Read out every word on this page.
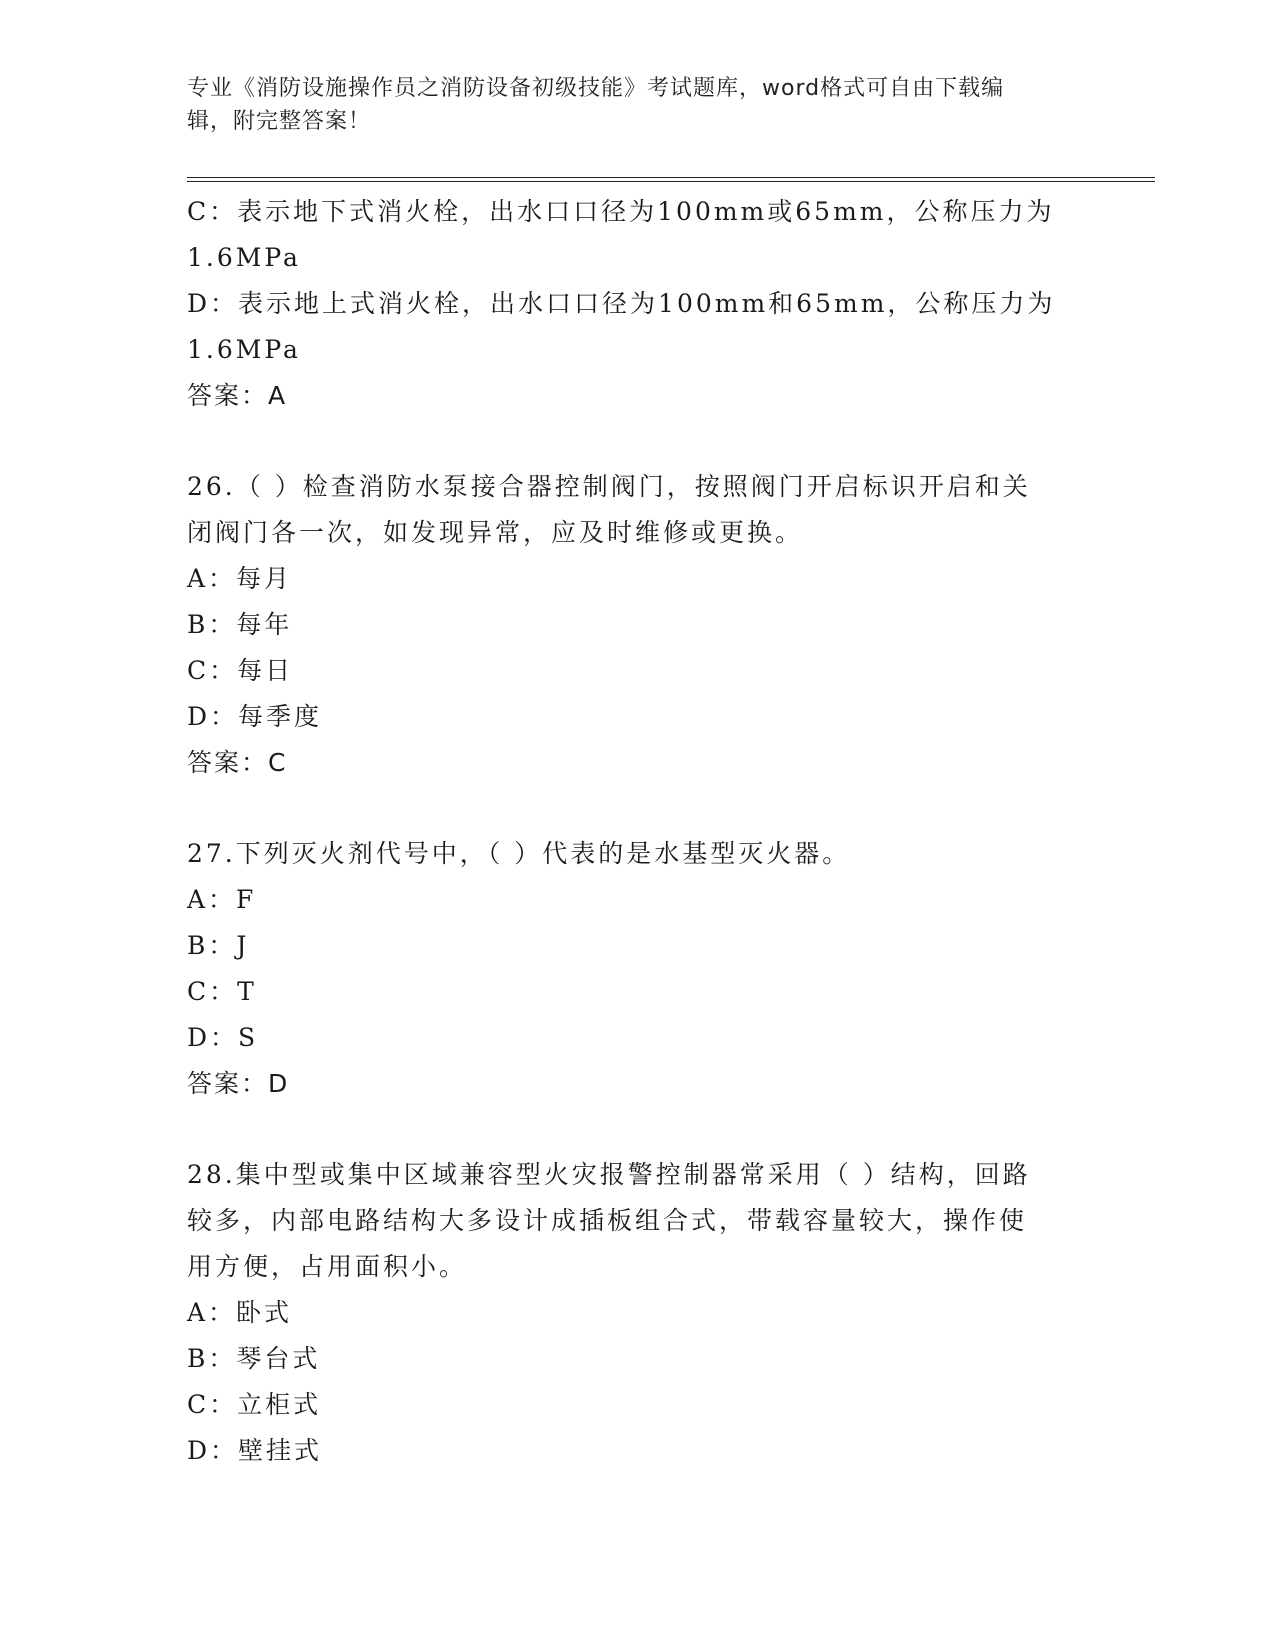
专业《消防设施操作员之消防设备初级技能》考试题库，word格式可自由下载编
辑，附完整答案！
C：表示地下式消火栓，出水口口径为100mm或65mm，公称压力为
1.6MPa
D：表示地上式消火栓，出水口口径为100mm和65mm，公称压力为
1.6MPa
答案：A
26.（ ）检查消防水泵接合器控制阀门，按照阀门开启标识开启和关
闭阀门各一次，如发现异常，应及时维修或更换。
A：每月
B：每年
C：每日
D：每季度
答案：C
27.下列灭火剂代号中，（ ）代表的是水基型灭火器。
A：F
B：J
C：T
D：S
答案：D
28.集中型或集中区域兼容型火灾报警控制器常采用（ ）结构，回路
较多，内部电路结构大多设计成插板组合式，带载容量较大，操作使
用方便，占用面积小。
A：卧式
B：琴台式
C：立柜式
D：壁挂式
